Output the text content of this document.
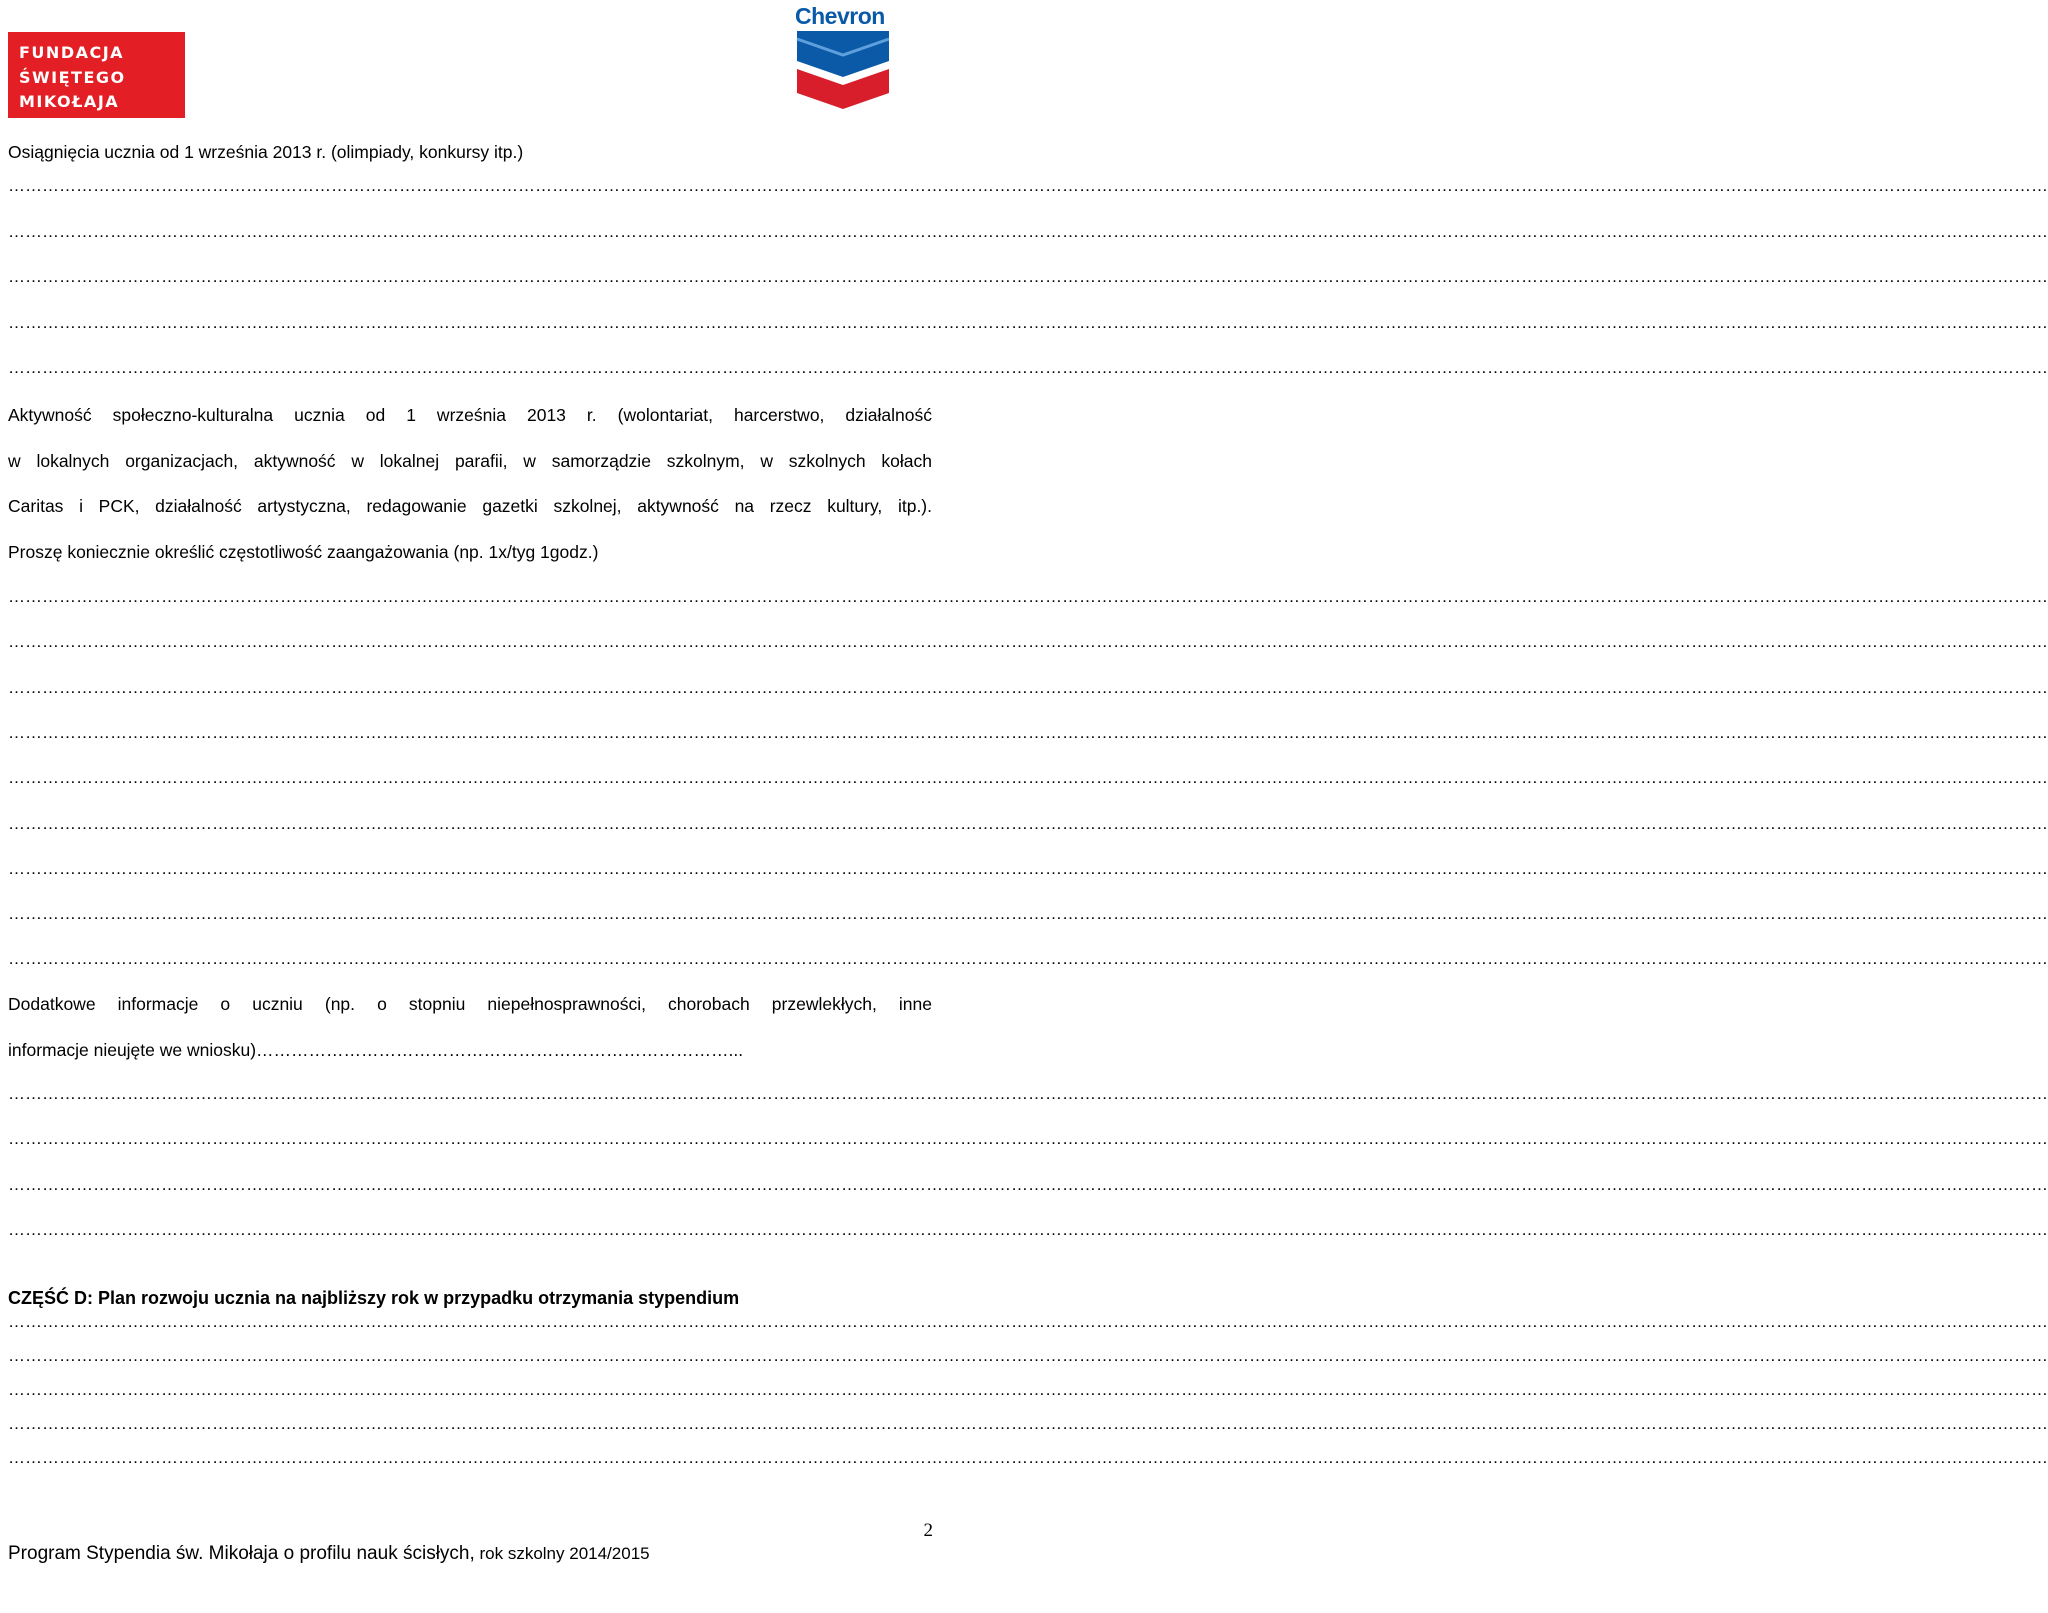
FUNDACJA
ŚWIĘTEGO
MIKOŁAJA
Chevron
Osiągnięcia ucznia od 1 września 2013 r. (olimpiady, konkursy itp.)
………………………………………………………………………………………………………………………………………………………………………………………………………………………………………………………………………………………………………………………………
………………………………………………………………………………………………………………………………………………………………………………………………………………………………………………………………………………………………………………………………
………………………………………………………………………………………………………………………………………………………………………………………………………………………………………………………………………………………………………………………………
………………………………………………………………………………………………………………………………………………………………………………………………………………………………………………………………………………………………………………………………
………………………………………………………………………………………………………………………………………………………………………………………………………………………………………………………………………………………………………………………………
Aktywność społeczno-kulturalna ucznia od 1 września 2013 r. (wolontariat, harcerstwo, działalność
w lokalnych organizacjach, aktywność w lokalnej parafii, w samorządzie szkolnym, w szkolnych kołach
Caritas i PCK, działalność artystyczna, redagowanie gazetki szkolnej, aktywność na rzecz kultury, itp.).
Proszę koniecznie określić częstotliwość zaangażowania (np. 1x/tyg 1godz.)
………………………………………………………………………………………………………………………………………………………………………………………………………………………………………………………………………………………………………………………………
………………………………………………………………………………………………………………………………………………………………………………………………………………………………………………………………………………………………………………………………
………………………………………………………………………………………………………………………………………………………………………………………………………………………………………………………………………………………………………………………………
………………………………………………………………………………………………………………………………………………………………………………………………………………………………………………………………………………………………………………………………
………………………………………………………………………………………………………………………………………………………………………………………………………………………………………………………………………………………………………………………………
………………………………………………………………………………………………………………………………………………………………………………………………………………………………………………………………………………………………………………………………
………………………………………………………………………………………………………………………………………………………………………………………………………………………………………………………………………………………………………………………………
………………………………………………………………………………………………………………………………………………………………………………………………………………………………………………………………………………………………………………………………
………………………………………………………………………………………………………………………………………………………………………………………………………………………………………………………………………………………………………………………………
Dodatkowe informacje o uczniu (np. o stopniu niepełnosprawności, chorobach przewlekłych, inne
informacje nieujęte we wniosku)………………………………………………………………………...
………………………………………………………………………………………………………………………………………………………………………………………………………………………………………………………………………………………………………………………………
………………………………………………………………………………………………………………………………………………………………………………………………………………………………………………………………………………………………………………………………
………………………………………………………………………………………………………………………………………………………………………………………………………………………………………………………………………………………………………………………………
………………………………………………………………………………………………………………………………………………………………………………………………………………………………………………………………………………………………………………………………
CZĘŚĆ D: Plan rozwoju ucznia na najbliższy rok w przypadku otrzymania stypendium
………………………………………………………………………………………………………………………………………………………………………………………………………………………………………………………………………………………………………………………………
………………………………………………………………………………………………………………………………………………………………………………………………………………………………………………………………………………………………………………………………
………………………………………………………………………………………………………………………………………………………………………………………………………………………………………………………………………………………………………………………………
………………………………………………………………………………………………………………………………………………………………………………………………………………………………………………………………………………………………………………………………
………………………………………………………………………………………………………………………………………………………………………………………………………………………………………………………………………………………………………………………………
2
Program Stypendia św. Mikołaja o profilu nauk ścisłych, rok szkolny 2014/2015
